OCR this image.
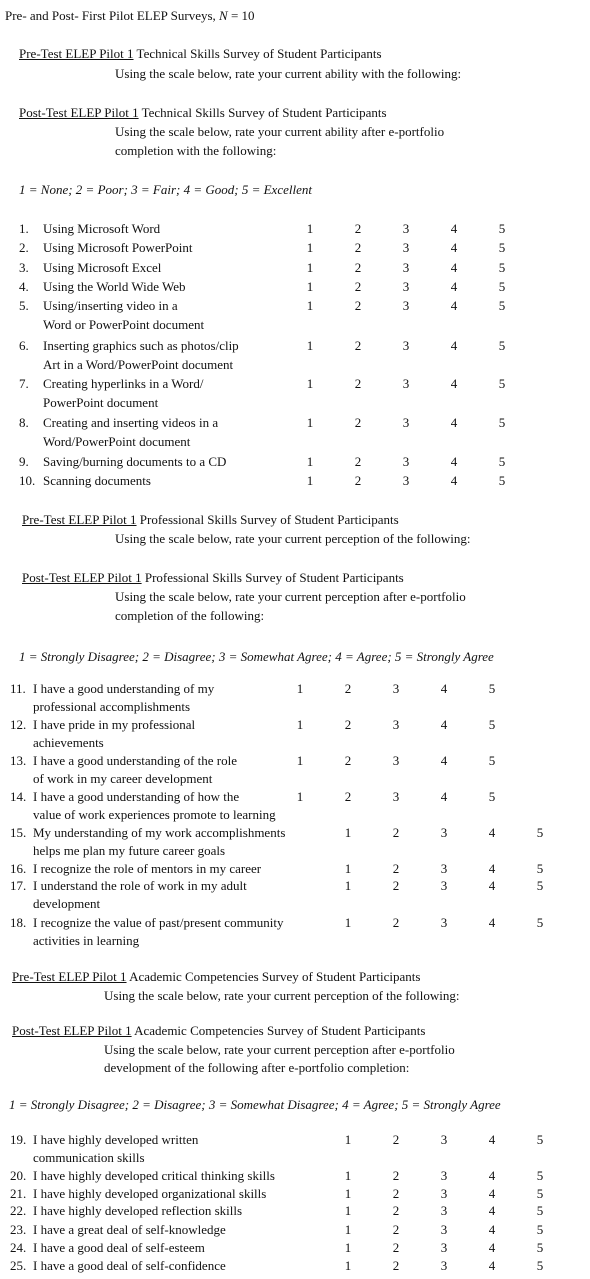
Pre- and Post- First Pilot ELEP Surveys, N = 10
Pre-Test ELEP Pilot 1 Technical Skills Survey of Student Participants
Using the scale below, rate your current ability with the following:
Post-Test ELEP Pilot 1 Technical Skills Survey of Student Participants
Using the scale below, rate your current ability after e-portfolio
completion with the following:
1 = None; 2 = Poor; 3 = Fair; 4 = Good; 5 = Excellent
1. Using Microsoft Word	1	2	3	4	5
2. Using Microsoft PowerPoint	1	2	3	4	5
3. Using Microsoft Excel	1	2	3	4	5
4. Using the World Wide Web	1	2	3	4	5
5. Using/inserting video in a
Word or PowerPoint document
1	2	3	4	5
6. Inserting graphics such as photos/clip
Art in a Word/PowerPoint document
1	2	3	4	5
7. Creating hyperlinks in a Word/
PowerPoint document
1	2	3	4	5
8. Creating and inserting videos in a
Word/PowerPoint document
1	2	3	4	5
9. Saving/burning documents to a CD	1	2	3	4	5
10. Scanning documents	1	2	3	4	5
Pre-Test ELEP Pilot 1 Professional Skills Survey of Student Participants
Using the scale below, rate your current perception of the following:
Post-Test ELEP Pilot 1 Professional Skills Survey of Student Participants
Using the scale below, rate your current perception after e-portfolio
completion of the following:
1 = Strongly Disagree; 2 = Disagree; 3 = Somewhat Agree; 4 = Agree; 5 = Strongly Agree
11. I have a good understanding of my
professional accomplishments
1	2	3	4	5
12. I have pride in my professional
achievements
1	2	3	4	5
13. I have a good understanding of the role
of work in my career development
1	2	3	4	5
14. I have a good understanding of how the
value of work experiences promote to learning
1	2	3	4	5
15. My understanding of my work accomplishments
helps me plan my future career goals
1	2	3	4	5
16. I recognize the role of mentors in my career	1	2	3	4	5
17. I understand the role of work in my adult
development
1	2	3	4	5
18. I recognize the value of past/present community
activities in learning
1	2	3	4	5
Pre-Test ELEP Pilot 1 Academic Competencies Survey of Student Participants
Using the scale below, rate your current perception of the following:
Post-Test ELEP Pilot 1 Academic Competencies Survey of Student Participants
Using the scale below, rate your current perception after e-portfolio
development of the following after e-portfolio completion:
1 = Strongly Disagree; 2 = Disagree; 3 = Somewhat Disagree; 4 = Agree; 5 = Strongly Agree
19. I have highly developed written
communication skills
1	2	3	4	5
20. I have highly developed critical thinking skills	1	2	3	4	5
21. I have highly developed organizational skills	1	2	3	4	5
22. I have highly developed reflection skills	1	2	3	4	5
23. I have a great deal of self-knowledge	1	2	3	4	5
24. I have a good deal of self-esteem	1	2	3	4	5
25. I have a good deal of self-confidence	1	2	3	4	5
